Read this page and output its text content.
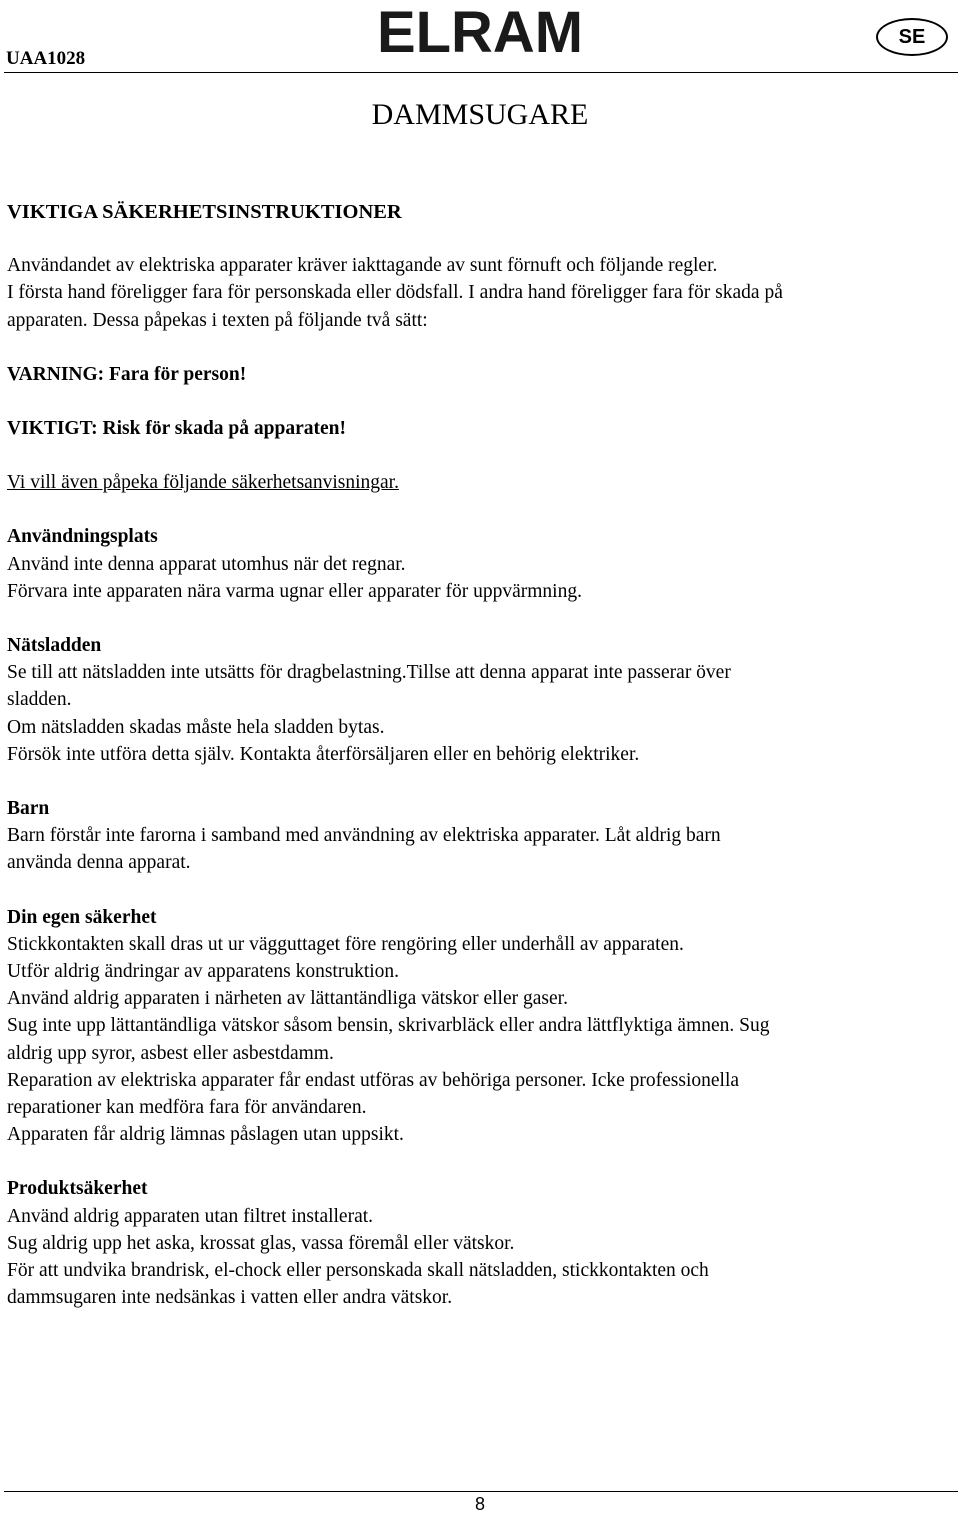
UAA1028	ELRAM	SE
DAMMSUGARE

VIKTIGA SÄKERHETSINSTRUKTIONER

Användandet av elektriska apparater kräver iakttagande av sunt förnuft och följande regler.

I första hand föreligger fara för personskada eller dödsfall. I andra hand föreligger fara för skada på

apparaten. Dessa påpekas i texten på följande två sätt:

VARNING: Fara för person!

VIKTIGT: Risk för skada på apparaten!

Vi vill även påpeka följande säkerhetsanvisningar.

Användningsplats

Använd inte denna apparat utomhus när det regnar.

Förvara inte apparaten nära varma ugnar eller apparater för uppvärmning.

Nätsladden

Se till att nätsladden inte utsätts för dragbelastning.Tillse att denna apparat inte passerar över

sladden.

Om nätsladden skadas måste hela sladden bytas.

Försök inte utföra detta själv. Kontakta återförsäljaren eller en behörig elektriker.

Barn

Barn förstår inte farorna i samband med användning av elektriska apparater. Låt aldrig barn

använda denna apparat.

Din egen säkerhet

Stickkontakten skall dras ut ur vägguttaget före rengöring eller underhåll av apparaten.

Utför aldrig ändringar av apparatens konstruktion.

Använd aldrig apparaten i närheten av lättantändliga vätskor eller gaser.

Sug inte upp lättantändliga vätskor såsom bensin, skrivarbläck eller andra lättflyktiga ämnen. Sug

aldrig upp syror, asbest eller asbestdamm.

Reparation av elektriska apparater får endast utföras av behöriga personer. Icke professionella

reparationer kan medföra fara för användaren.

Apparaten får aldrig lämnas påslagen utan uppsikt.

Produktsäkerhet

Använd aldrig apparaten utan filtret installerat.

Sug aldrig upp het aska, krossat glas, vassa föremål eller vätskor.

För att undvika brandrisk, el-chock eller personskada skall nätsladden, stickkontakten och

dammsugaren inte nedsänkas i vatten eller andra vätskor.

8
